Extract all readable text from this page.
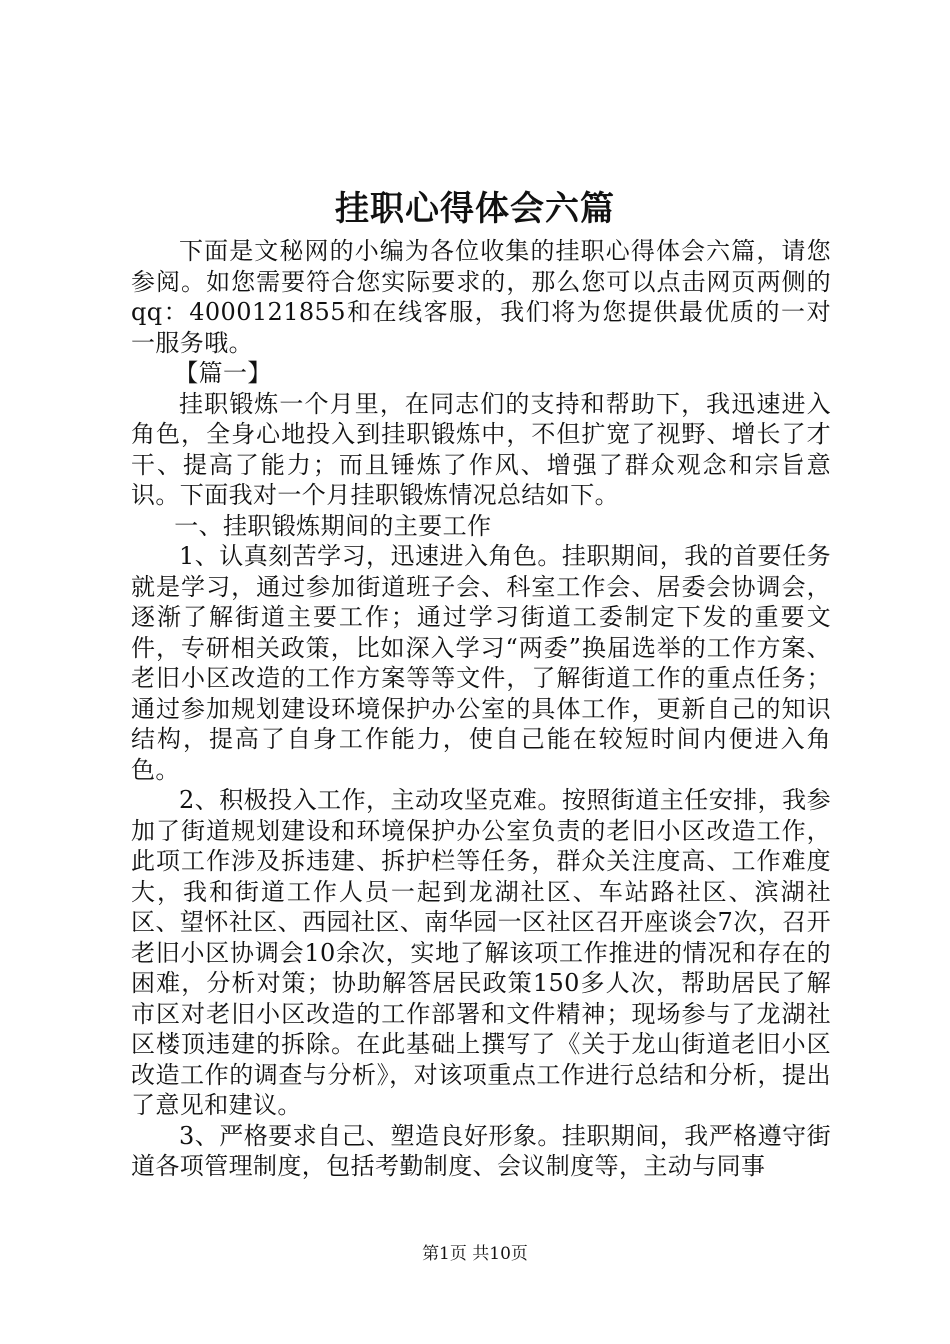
挂职心得体会六篇

下面是文秘网的小编为各位收集的挂职心得体会六篇，请您参阅。如您需要符合您实际要求的，那么您可以点击网页两侧的qq：4000121855和在线客服，我们将为您提供最优质的一对一服务哦。

【篇一】

挂职锻炼一个月里，在同志们的支持和帮助下，我迅速进入角色，全身心地投入到挂职锻炼中，不但扩宽了视野、增长了才干、提高了能力；而且锤炼了作风、增强了群众观念和宗旨意识。下面我对一个月挂职锻炼情况总结如下。

一、挂职锻炼期间的主要工作

1、认真刻苦学习，迅速进入角色。挂职期间，我的首要任务就是学习，通过参加街道班子会、科室工作会、居委会协调会，逐渐了解街道主要工作；通过学习街道工委制定下发的重要文件，专研相关政策，比如深入学习“两委”换届选举的工作方案、老旧小区改造的工作方案等等文件，了解街道工作的重点任务；通过参加规划建设环境保护办公室的具体工作，更新自己的知识结构，提高了自身工作能力，使自己能在较短时间内便进入角色。

2、积极投入工作，主动攻坚克难。按照街道主任安排，我参加了街道规划建设和环境保护办公室负责的老旧小区改造工作，此项工作涉及拆违建、拆护栏等任务，群众关注度高、工作难度大，我和街道工作人员一起到龙湖社区、车站路社区、滨湖社区、望怀社区、西园社区、南华园一区社区召开座谈会7次，召开老旧小区协调会10余次，实地了解该项工作推进的情况和存在的困难，分析对策；协助解答居民政策150多人次，帮助居民了解市区对老旧小区改造的工作部署和文件精神；现场参与了龙湖社区楼顶违建的拆除。在此基础上撰写了《关于龙山街道老旧小区改造工作的调查与分析》，对该项重点工作进行总结和分析，提出了意见和建议。

3、严格要求自己、塑造良好形象。挂职期间，我严格遵守街道各项管理制度，包括考勤制度、会议制度等，主动与同事

第1页 共10页
